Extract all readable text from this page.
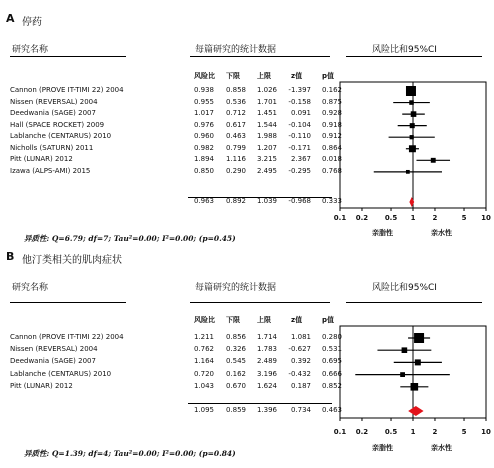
A 停药
研究名称	每篇研究的统计数据	风险比和95%CI
风险比 下限 上限	z值	p值
Cannon (PROVE IT-TIMI 22) 2004	0.938	0.858	1.026	-1.397	0.162
Nissen (REVERSAL) 2004	0.955	0.536	1.701	-0.158	0.875
Deedwania (SAGE) 2007	1.017	0.712	1.451	0.091	0.928
Hall (SPACE ROCKET) 2009	0.976	0.617	1.544	-0.104	0.918
Lablanche (CENTARUS) 2010	0.960	0.463	1.988	-0.110	0.912
Nicholls (SATURN) 2011	0.982	0.799	1.207	-0.171	0.864
Pitt (LUNAR) 2012	1.894	1.116	3.215	2.367	0.018
Izawa (ALPS-AMI) 2015	0.850	0.290	2.495	-0.295	0.768
0.963	0.892	1.039	-0.968	0.333
0.1	0.2	0.5	1	2	5	10
亲脂性	亲水性
异质性: Q=6.79; df=7; Tau²=0.00; I²=0.00; (p=0.45)
B 他汀类相关的肌肉症状
研究名称	每篇研究的统计数据	风险比和95%CI
风险比 下限 上限	z值	p值
Cannon (PROVE IT-TIMI 22) 2004	1.211	0.856	1.714	1.081	0.280
Nissen (REVERSAL) 2004	0.762	0.326	1.783	-0.627	0.531
Deedwania (SAGE) 2007	1.164	0.545	2.489	0.392	0.695
Lablanche (CENTARUS) 2010	0.720	0.162	3.196	-0.432	0.666
Pitt (LUNAR) 2012	1.043	0.670	1.624	0.187	0.852
1.095	0.859	1.396	0.734	0.463
0.1	0.2	0.5	1	2	5	10
亲脂性	亲水性
异质性: Q=1.39; df=4; Tau²=0.00; I²=0.00; (p=0.84)
